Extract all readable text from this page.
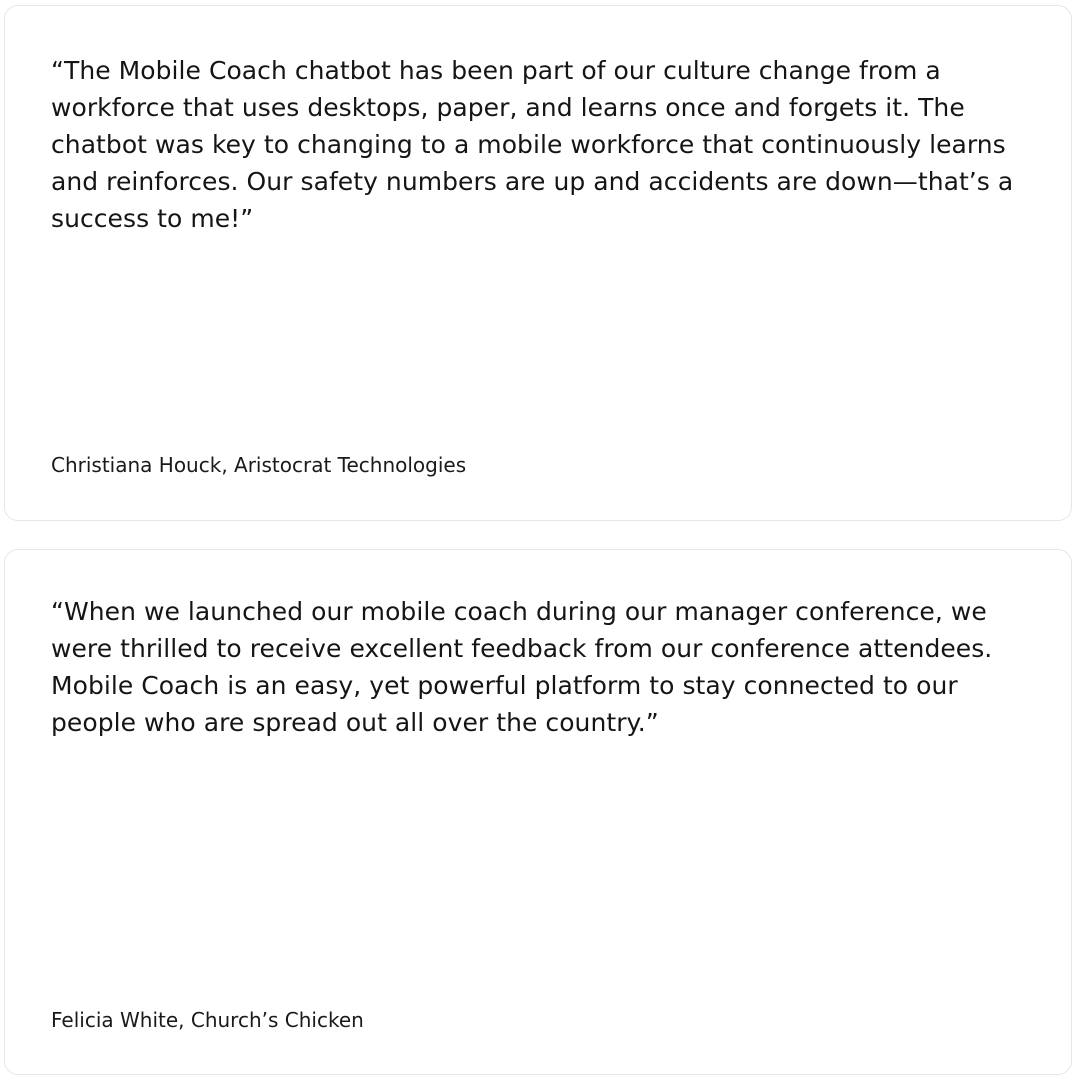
“The Mobile Coach chatbot has been part of our culture change from a workforce that uses desktops, paper, and learns once and forgets it. The chatbot was key to changing to a mobile workforce that continuously learns and reinforces. Our safety numbers are up and accidents are down—that’s a success to me!”

Christiana Houck, Aristocrat Technologies

“When we launched our mobile coach during our manager conference, we were thrilled to receive excellent feedback from our conference attendees. Mobile Coach is an easy, yet powerful platform to stay connected to our people who are spread out all over the country.”

Felicia White, Church’s Chicken
